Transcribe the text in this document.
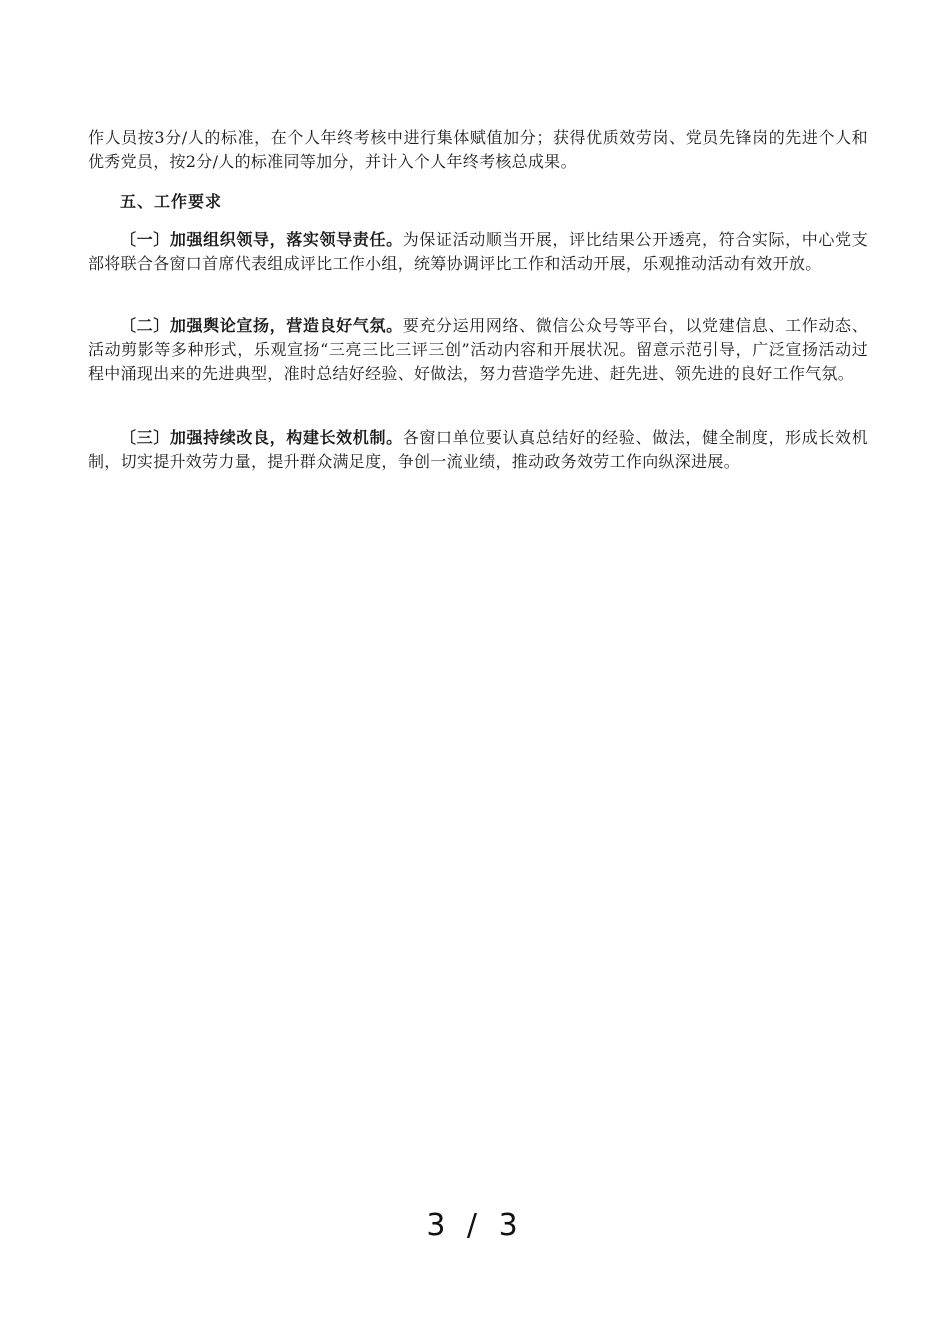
作人员按3分/人的标准，在个人年终考核中进行集体赋值加分；获得优质效劳岗、党员先锋岗的先进个人和优秀党员，按2分/人的标准同等加分，并计入个人年终考核总成果。

五、工作要求

〔一〕加强组织领导，落实领导责任。为保证活动顺当开展，评比结果公开透亮，符合实际，中心党支部将联合各窗口首席代表组成评比工作小组，统筹协调评比工作和活动开展，乐观推动活动有效开放。

〔二〕加强舆论宣扬，营造良好气氛。要充分运用网络、微信公众号等平台，以党建信息、工作动态、活动剪影等多种形式，乐观宣扬“三亮三比三评三创”活动内容和开展状况。留意示范引导，广泛宣扬活动过程中涌现出来的先进典型，准时总结好经验、好做法，努力营造学先进、赶先进、领先进的良好工作气氛。

〔三〕加强持续改良，构建长效机制。各窗口单位要认真总结好的经验、做法，健全制度，形成长效机制，切实提升效劳力量，提升群众满足度，争创一流业绩，推动政务效劳工作向纵深进展。

3 / 3
